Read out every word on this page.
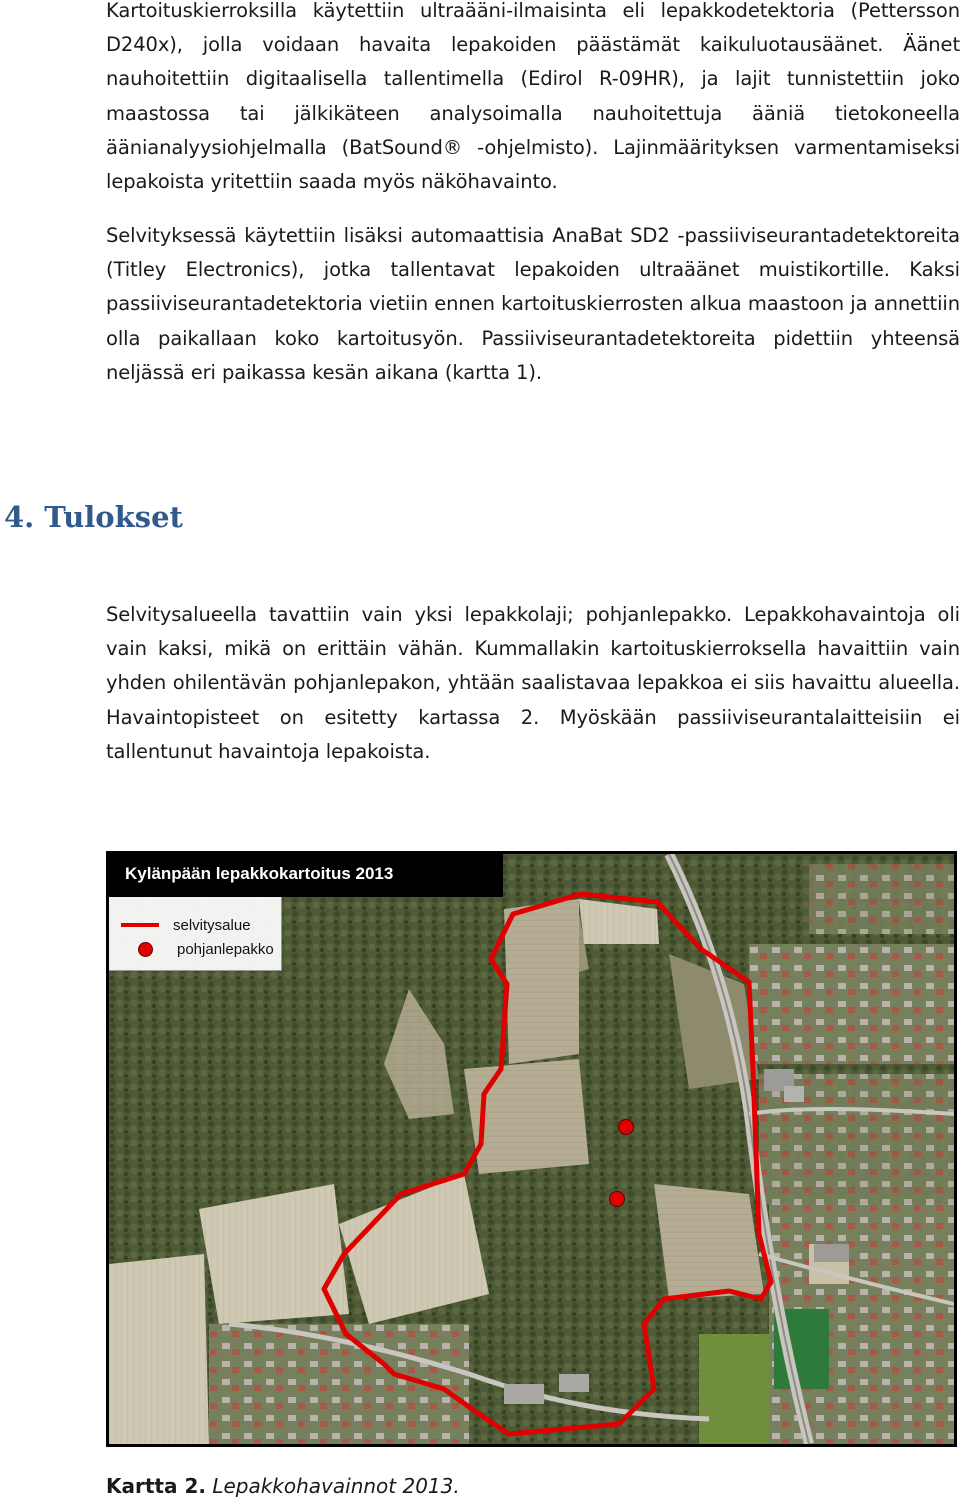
Kartoituskierroksilla käytettiin ultraääni-ilmaisinta eli lepakkodetektoria (Pettersson D240x), jolla voidaan havaita lepakoiden päästämät kaikuluotausäänet. Äänet nauhoitettiin digitaalisella tallentimella (Edirol R-09HR), ja lajit tunnistettiin joko maastossa tai jälkikäteen analysoimalla nauhoitettuja ääniä tietokoneella äänianalyysiohjelmalla (BatSound® -ohjelmisto). Lajinmäärityksen varmentamiseksi lepakoista yritettiin saada myös näköhavainto.

Selvityksessä käytettiin lisäksi automaattisia AnaBat SD2 -passiiviseurantadetektoreita (Titley Electronics), jotka tallentavat lepakoiden ultraäänet muistikortille. Kaksi passiiviseurantadetektoria vietiin ennen kartoituskierrosten alkua maastoon ja annettiin olla paikallaan koko kartoitusyön. Passiiviseurantadetektoreita pidettiin yhteensä neljässä eri paikassa kesän aikana (kartta 1).

4. Tulokset

Selvitysalueella tavattiin vain yksi lepakkolaji; pohjanlepakko. Lepakkohavaintoja oli vain kaksi, mikä on erittäin vähän. Kummallakin kartoituskierroksella havaittiin vain yhden ohilentävän pohjanlepakon, yhtään saalistavaa lepakkoa ei siis havaittu alueella. Havaintopisteet on esitetty kartassa 2. Myöskään passiiviseurantalaitteisiin ei tallentunut havaintoja lepakoista.

Kylänpään lepakkokartoitus 2013
selvitysalue
pohjanlepakko

Kartta 2. Lepakkohavainnot 2013.
